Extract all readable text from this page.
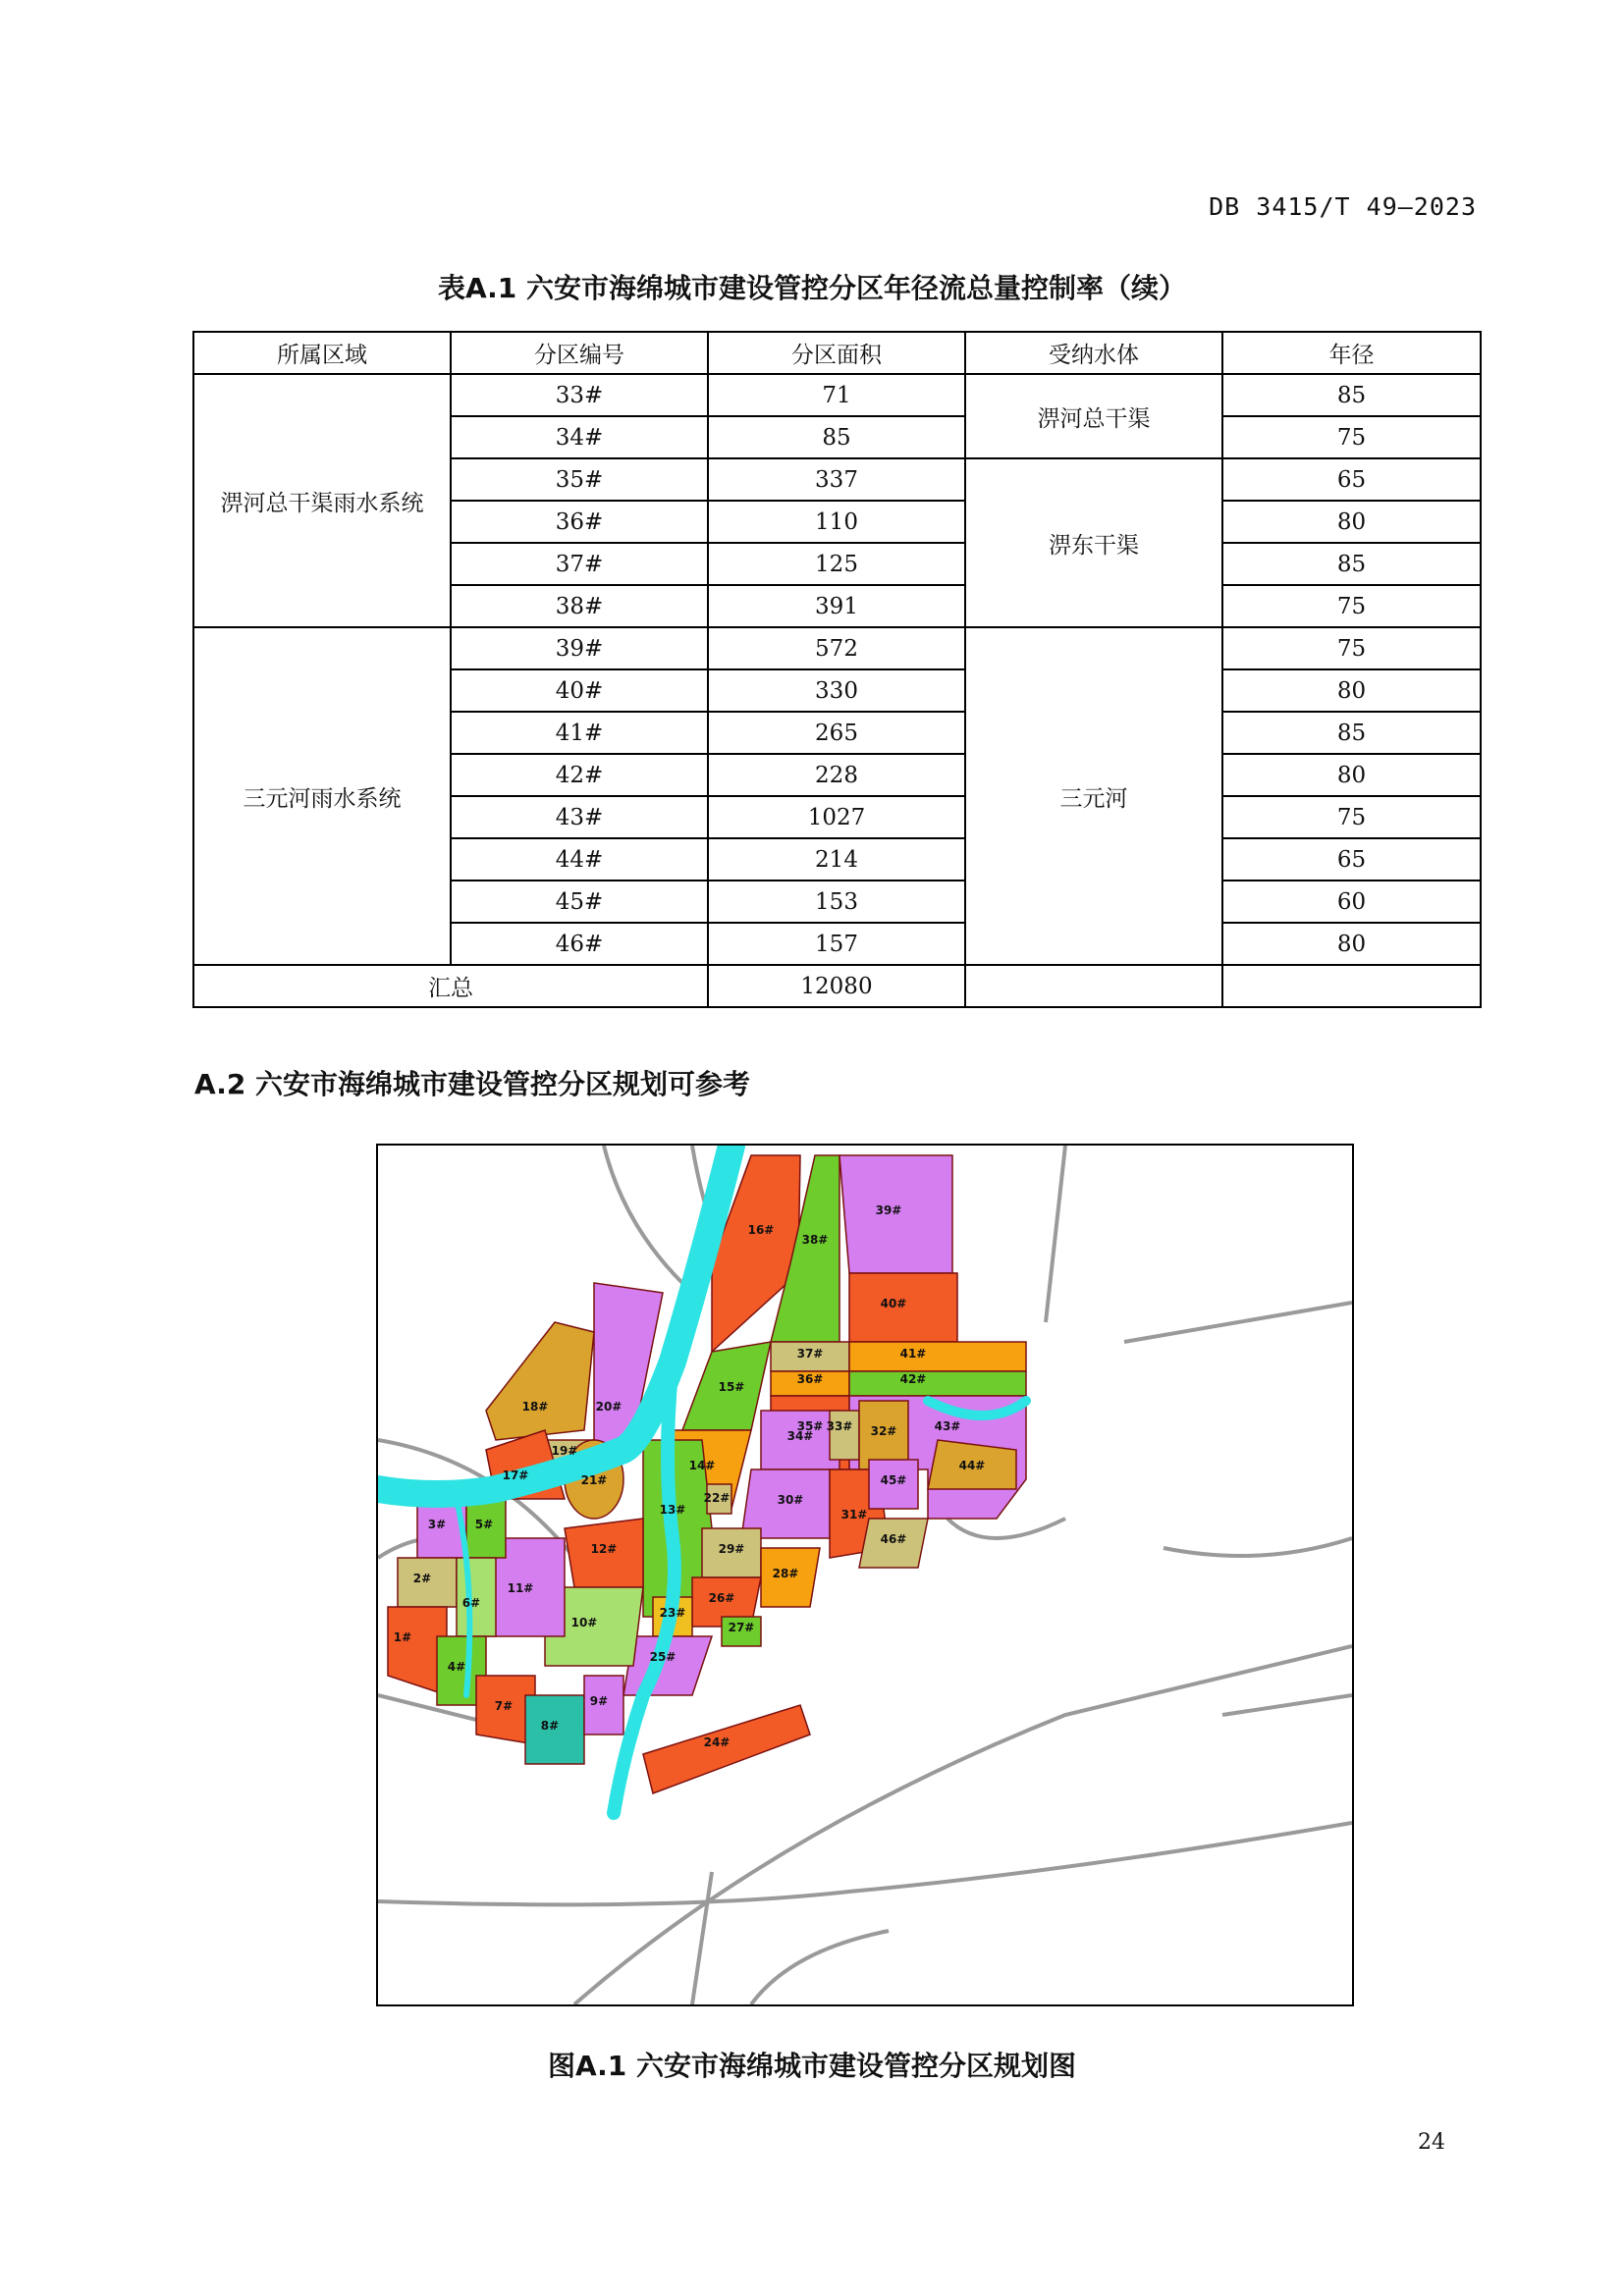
DB 3415/T 49—2023
表A.1 六安市海绵城市建设管控分区年径流总量控制率（续）
所属区域	分区编号	分区面积	受纳水体	年径
淠河总干渠雨水系统	33#	71	淠河总干渠	85
	34#	85		75
	35#	337	淠东干渠	65
	36#	110		80
	37#	125		85
	38#	391		75
三元河雨水系统	39#	572	三元河	75
	40#	330		80
	41#	265		85
	42#	228		80
	43#	1027		75
	44#	214		65
	45#	153		60
	46#	157		80
汇总		12080		
A.2 六安市海绵城市建设管控分区规划可参考
1#
2#
3#
4#
5#
6#
7#
8#
9#
10#
11#
12#
13#
14#
15#
16#
17#
18#
19#
20#
21#
22#
23#
24#
25#
26#
27#
28#
29#
30#
31#
32#
33#
34#
35#
36#
37#
38#
39#
40#
41#
42#
43#
44#
45#
46#
图A.1 六安市海绵城市建设管控分区规划图
24
